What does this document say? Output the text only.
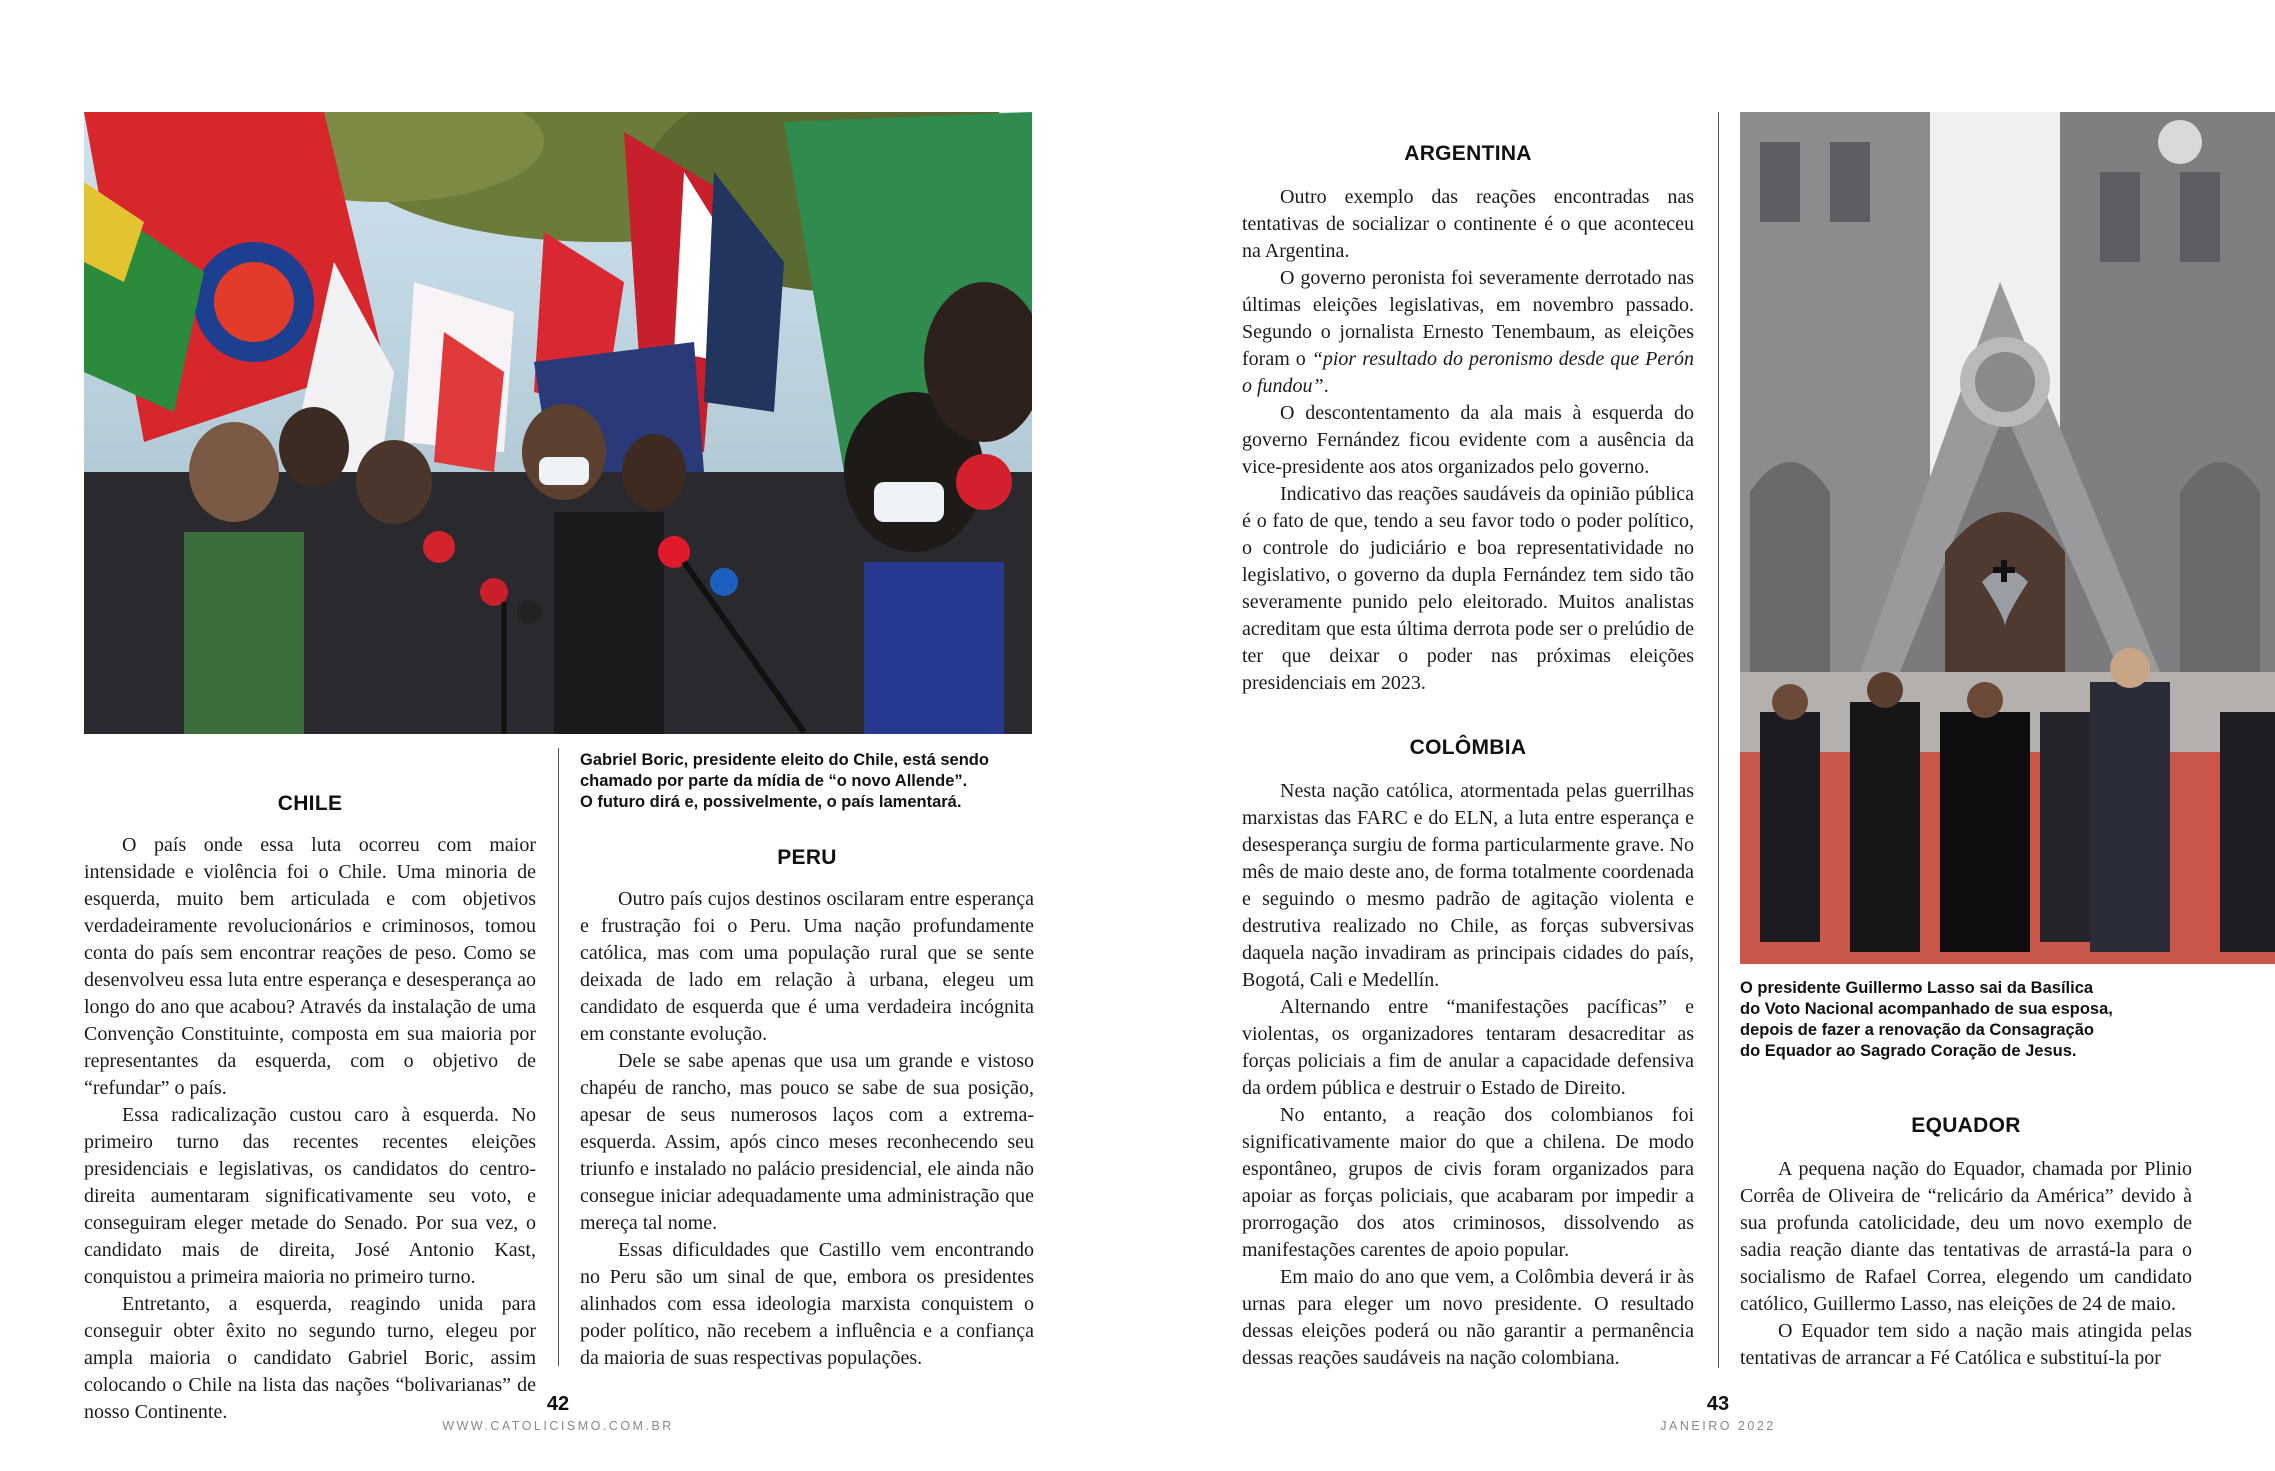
Gabriel Boric, presidente eleito do Chile, está sendo
chamado por parte da mídia de “o novo Allende”.
O futuro dirá e, possivelmente, o país lamentará.
CHILE

O país onde essa luta ocorreu com maior intensidade e violência foi o Chile. Uma minoria de esquerda, muito bem articulada e com objetivos verdadeiramente revolucionários e criminosos, tomou conta do país sem encontrar reações de peso. Como se desenvolveu essa luta entre esperança e desesperança ao longo do ano que acabou? Através da instalação de uma Convenção Constituinte, composta em sua maioria por representantes da esquerda, com o objetivo de “refundar” o país.

Essa radicalização custou caro à esquerda. No primeiro turno das recentes recentes eleições presidenciais e legislativas, os candidatos do centro-direita aumentaram significativamente seu voto, e conseguiram eleger metade do Senado. Por sua vez, o candidato mais de direita, José Antonio Kast, conquistou a primeira maioria no primeiro turno.

Entretanto, a esquerda, reagindo unida para conseguir obter êxito no segundo turno, elegeu por ampla maioria o candidato Gabriel Boric, assim colocando o Chile na lista das nações “bolivarianas” de nosso Continente.

PERU

Outro país cujos destinos oscilaram entre esperança e frustração foi o Peru. Uma nação profundamente católica, mas com uma população rural que se sente deixada de lado em relação à urbana, elegeu um candidato de esquerda que é uma verdadeira incógnita em constante evolução.

Dele se sabe apenas que usa um grande e vistoso chapéu de rancho, mas pouco se sabe de sua posição, apesar de seus numerosos laços com a extrema- esquerda. Assim, após cinco meses reconhecendo seu triunfo e instalado no palácio presidencial, ele ainda não consegue iniciar adequadamente uma administração que mereça tal nome.

Essas dificuldades que Castillo vem encontrando no Peru são um sinal de que, embora os presidentes alinhados com essa ideologia marxista conquistem o poder político, não recebem a influência e a confiança da maioria de suas respectivas populações.

42
WWW.CATOLICISMO.COM.BR
ARGENTINA

Outro exemplo das reações encontradas nas tentativas de socializar o continente é o que aconteceu na Argentina.

O governo peronista foi severamente derrotado nas últimas eleições legislativas, em novembro passado. Segundo o jornalista Ernesto Tenembaum, as eleições foram o “pior resultado do peronismo desde que Perón o fundou”.

O descontentamento da ala mais à esquerda do governo Fernández ficou evidente com a ausência da vice-presidente aos atos organizados pelo governo.

Indicativo das reações saudáveis da opinião pública é o fato de que, tendo a seu favor todo o poder político, o controle do judiciário e boa representatividade no legislativo, o governo da dupla Fernández tem sido tão severamente punido pelo eleitorado. Muitos analistas acreditam que esta última derrota pode ser o prelúdio de ter que deixar o poder nas próximas eleições presidenciais em 2023.

COLÔMBIA

Nesta nação católica, atormentada pelas guerrilhas marxistas das FARC e do ELN, a luta entre esperança e desesperança surgiu de forma particularmente grave. No mês de maio deste ano, de forma totalmente coordenada e seguindo o mesmo padrão de agitação violenta e destrutiva realizado no Chile, as forças subversivas daquela nação invadiram as principais cidades do país, Bogotá, Cali e Medellín.

Alternando entre “manifestações pacíficas” e violentas, os organizadores tentaram desacreditar as forças policiais a fim de anular a capacidade defensiva da ordem pública e destruir o Estado de Direito.

No entanto, a reação dos colombianos foi significativamente maior do que a chilena. De modo espontâneo, grupos de civis foram organizados para apoiar as forças policiais, que acabaram por impedir a prorrogação dos atos criminosos, dissolvendo as manifestações carentes de apoio popular.

Em maio do ano que vem, a Colômbia deverá ir às urnas para eleger um novo presidente. O resultado dessas eleições poderá ou não garantir a permanência dessas reações saudáveis na nação colombiana.

O presidente Guillermo Lasso sai da Basílica
do Voto Nacional acompanhado de sua esposa,
depois de fazer a renovação da Consagração
do Equador ao Sagrado Coração de Jesus.
EQUADOR

A pequena nação do Equador, chamada por Plinio Corrêa de Oliveira de “relicário da América” devido à sua profunda catolicidade, deu um novo exemplo de sadia reação diante das tentativas de arrastá-la para o socialismo de Rafael Correa, elegendo um candidato católico, Guillermo Lasso, nas eleições de 24 de maio.

O Equador tem sido a nação mais atingida pelas tentativas de arrancar a Fé Católica e substituí-la por

43
JANEIRO 2022
